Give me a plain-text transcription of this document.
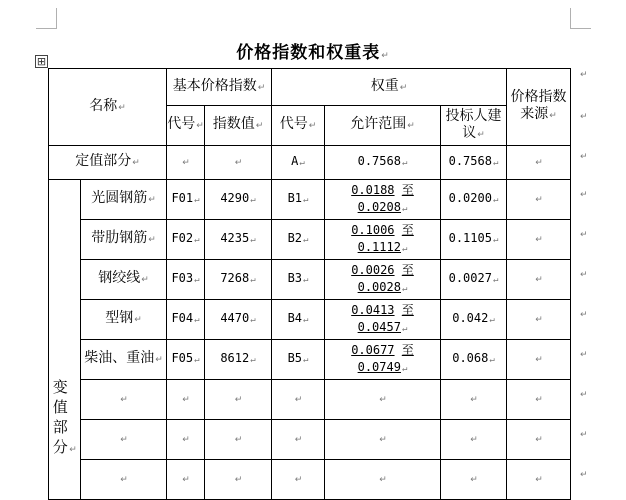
⊞	价格指数和权重表↵
名称↵		基本价格指数↵		权重↵			价格指数来源↵
		代号↵	指数值↵	代号↵	允许范围↵	投标人建议↵	
定值部分↵		↵	↵	A↵	0.7568↵	0.7568↵	↵
变值部分 ↵	光圆钢筋↵	F01↵	4290↵	B1↵	0.0188 至
0.0208↵	0.0200↵	↵
	带肋钢筋↵	F02↵	4235↵	B2↵	0.1006 至
0.1112↵	0.1105↵	↵
	钢绞线↵	F03↵	7268↵	B3↵	0.0026 至
0.0028↵	0.0027↵	↵
	型钢↵	F04↵	4470↵	B4↵	0.0413 至
0.0457↵	0.042↵	↵
	柴油、重油↵	F05↵	8612↵	B5↵	0.0677 至
0.0749↵	0.068↵	↵
	↵	↵	↵	↵	↵	↵	↵
	↵	↵	↵	↵	↵	↵	↵
	↵	↵	↵	↵	↵	↵	↵
↵
↵
↵
↵
↵
↵
↵
↵
↵
↵
↵
